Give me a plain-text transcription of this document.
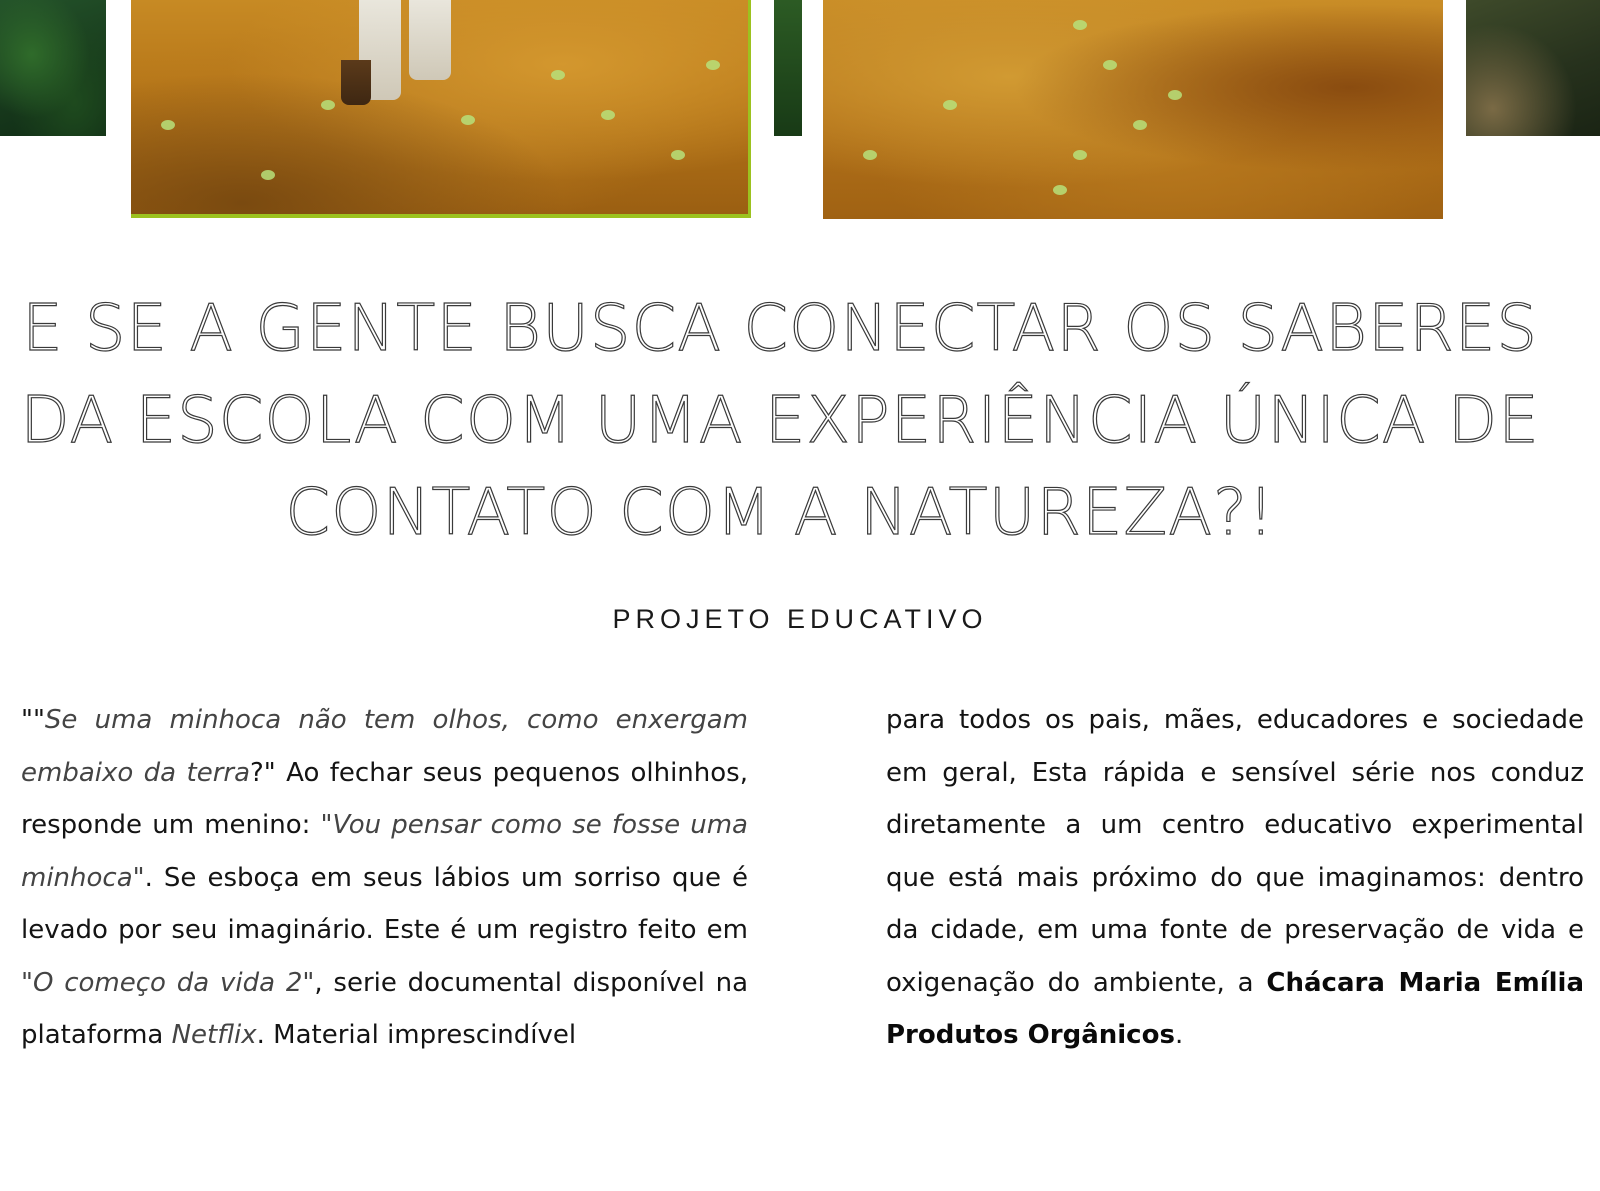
E SE A GENTE BUSCA CONECTAR OS SABERES
DA ESCOLA COM UMA EXPERIÊNCIA ÚNICA DE
CONTATO COM A NATUREZA?!
PROJETO EDUCATIVO
""Se uma minhoca não tem olhos, como enxergam embaixo da terra?" Ao fechar seus pequenos olhinhos, responde um menino: "Vou pensar como se fosse uma minhoca". Se esboça em seus lábios um sorriso que é levado por seu imaginário. Este é um registro feito em "O começo da vida 2", serie documental disponível na plataforma Netflix. Material imprescindível
para todos os pais, mães, educadores e sociedade em geral, Esta rápida e sensível série nos conduz diretamente a um centro educativo experimental que está mais próximo do que imaginamos: dentro da cidade, em uma fonte de preservação de vida e oxigenação do ambiente, a Chácara Maria Emília Produtos Orgânicos.
